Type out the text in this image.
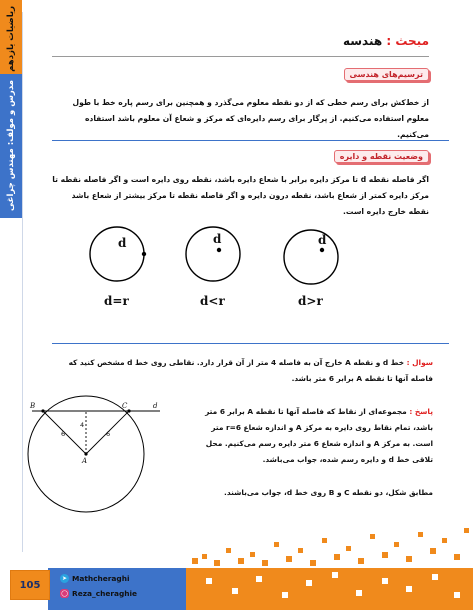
ریاضیات یازدهم
مدرس و مولف: مهندس چراغی
مبحث : هندسه
ترسیم‌های هندسی
از خط‌کش برای رسم خطی که از دو نقطه معلوم می‌گذرد و همچنین برای رسم پاره خط با طول معلوم استفاده می‌کنیم. از پرگار برای رسم دایره‌ای که مرکز و شعاع آن معلوم باشد استفاده می‌کنیم.
وضعیت نقطه و دایره
اگر فاصله نقطه d تا مرکز دایره برابر با شعاع دایره باشد، نقطه روی دایره است و اگر فاصله نقطه تا مرکز دایره کمتر از شعاع باشد، نقطه درون دایره و اگر فاصله نقطه تا مرکز بیشتر از شعاع باشد نقطه خارج دایره است.
d	d	d
d=r	d<r	d>r
سوال : خط d و نقطه A خارج آن به فاصله 4 متر از آن قرار دارد. نقاطی روی خط d مشخص کنید که فاصله آنها تا نقطه A برابر 6 متر باشد.
B	C	d
A
6
4
6
پاسخ : مجموعه‌ای از نقاط که فاصله آنها تا نقطه A برابر 6 متر باشد، تمام نقاط روی دایره به مرکز A و اندازه شعاع r=6 متر است. به مرکز A و اندازه شعاع 6 متر دایره رسم می‌کنیم. محل تلاقی خط d و دایره رسم شده، جواب می‌باشد.
مطابق شکل، دو نقطه C و B روی خط d، جواب می‌باشند.
105
➤ Mathcheraghi
◯ Reza_cheraghie
